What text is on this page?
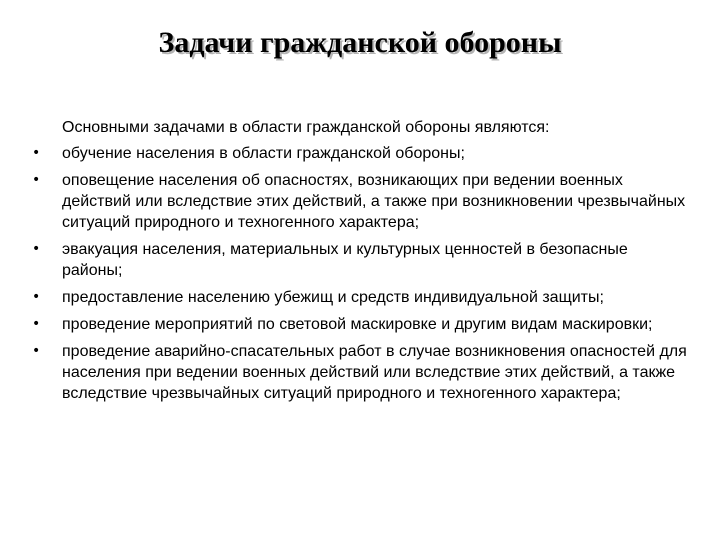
Задачи гражданской обороны
Основными задачами в области гражданской обороны являются:
• обучение населения в области гражданской обороны;
• оповещение населения об опасностях, возникающих при ведении военных действий или вследствие этих действий, а также при возникновении чрезвычайных ситуаций природного и техногенного характера;
• эвакуация населения, материальных и культурных ценностей в безопасные районы;
• предоставление населению убежищ и средств индивидуальной защиты;
• проведение мероприятий по световой маскировке и другим видам маскировки;
• проведение аварийно-спасательных работ в случае возникновения опасностей для населения при ведении военных действий или вследствие этих действий, а также вследствие чрезвычайных ситуаций природного и техногенного характера;
